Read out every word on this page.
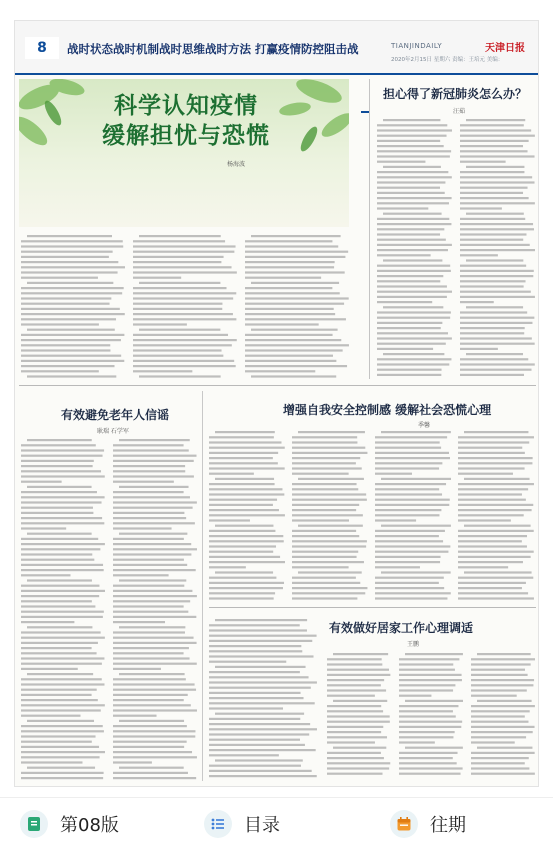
8	战时状态战时机制战时思维战时方法 打赢疫情防控阻击战	TIANJINDAILY	天津日报
2020年2月15日 星期六 责编：王培元 美编：
科学认知疫情
缓解担忧与恐慌
杨海波
担心得了新冠肺炎怎么办？
汪茹
有效避免老年人信谣
耿瑞 石学军
增强自我安全控制感 缓解社会恐慌心理
季馨
有效做好居家工作心理调适
王鹏
第08版	目录	往期
